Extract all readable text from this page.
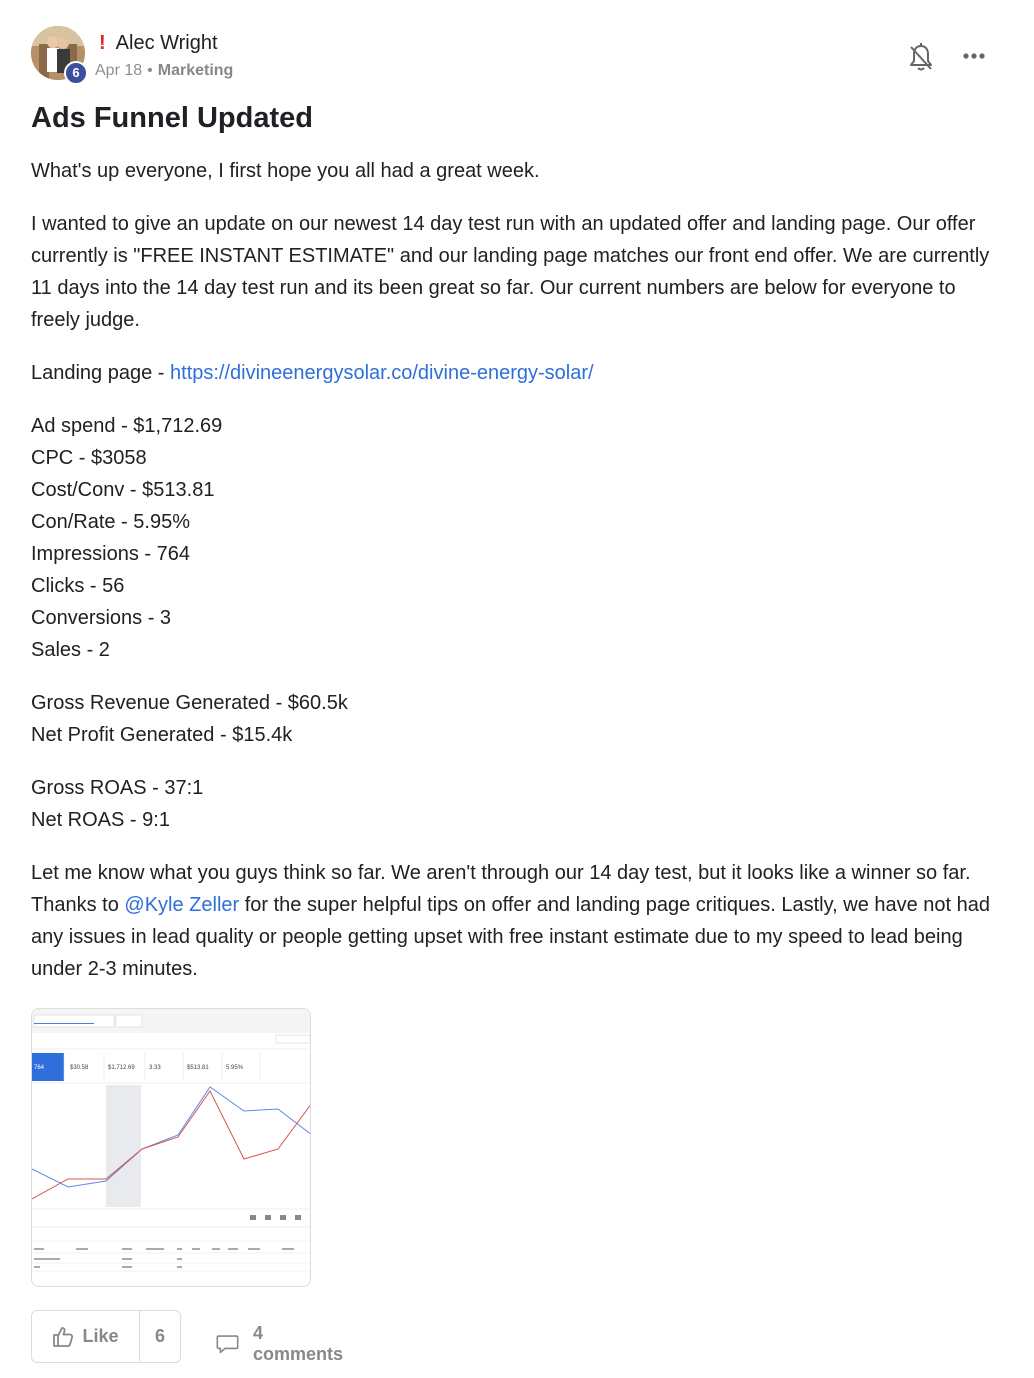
6
! Alec Wright
Apr 18 • Marketing
Ads Funnel Updated

What's up everyone, I first hope you all had a great week.

I wanted to give an update on our newest 14 day test run with an updated offer and landing page. Our offer currently is "FREE INSTANT ESTIMATE" and our landing page matches our front end offer. We are currently 11 days into the 14 day test run and its been great so far. Our current numbers are below for everyone to freely judge.

Landing page - https://divineenergysolar.co/divine-energy-solar/

Ad spend - $1,712.69
CPC - $3058
Cost/Conv - $513.81
Con/Rate - 5.95%
Impressions - 764
Clicks - 56
Conversions - 3
Sales - 2

Gross Revenue Generated - $60.5k
Net Profit Generated - $15.4k

Gross ROAS - 37:1
Net ROAS - 9:1

Let me know what you guys think so far. We aren't through our 14 day test, but it looks like a winner so far. Thanks to @Kyle Zeller for the super helpful tips on offer and landing page critiques. Lastly, we have not had any issues in lead quality or people getting upset with free instant estimate due to my speed to lead being under 2-3 minutes.

764	$30.58	$1,712.69 3.33	$513.81	5.95%
Like	6	4 comments
